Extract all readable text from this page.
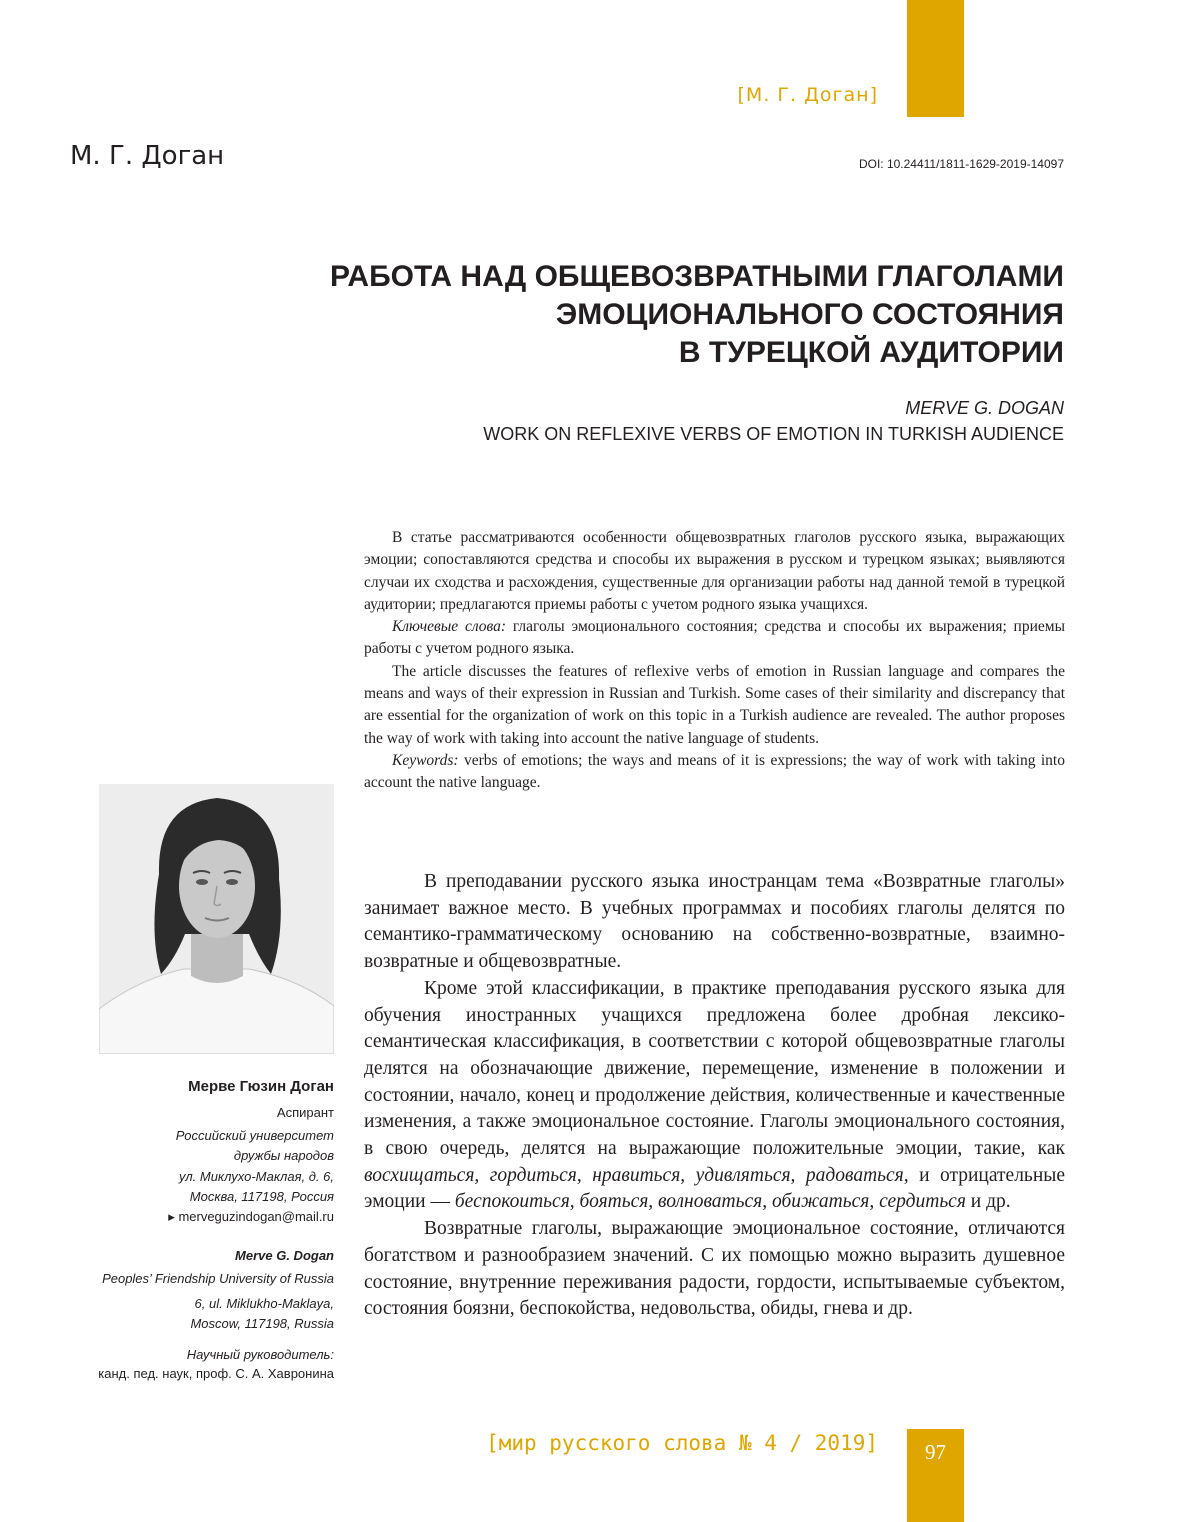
97
[М. Г. Доган]
М. Г. Доган	DOI: 10.24411/1811-1629-2019-14097
РАБОТА НАД ОБЩЕВОЗВРАТНЫМИ ГЛАГОЛАМИ
ЭМОЦИОНАЛЬНОГО СОСТОЯНИЯ
В ТУРЕЦКОЙ АУДИТОРИИ
MERVE G. DOGAN
WORK ON REFLEXIVE VERBS OF EMOTION IN TURKISH AUDIENCE

В статье рассматриваются особенности общевозвратных глаголов русского языка, выражающих эмоции; сопоставляются средства и способы их выражения в русском и турецком языках; выявляются случаи их сходства и расхождения, существенные для организации работы над данной темой в турецкой аудитории; предлагаются приемы работы с учетом родного языка учащихся.

Ключевые слова: глаголы эмоционального состояния; средства и способы их выражения; приемы работы с учетом родного языка.

The article discusses the features of reflexive verbs of emotion in Russian language and compares the means and ways of their expression in Russian and Turkish. Some cases of their similarity and discrepancy that are essential for the organization of work on this topic in a Turkish audience are revealed. The author proposes the way of work with taking into account the native language of students.

Keywords: verbs of emotions; the ways and means of it is expressions; the way of work with taking into account the native language.

Мерве Гюзин Доган
Аспирант
Российский университет
дружбы народов
ул. Миклухо-Маклая, д. 6,
Москва, 117198, Россия
▸ merveguzindogan@mail.ru
Merve G. Dogan
Peoples’ Friendship University of Russia
6, ul. Miklukho-Maklaya,
Moscow, 117198, Russia
Научный руководитель:
канд. пед. наук, проф. С. А. Хавронина

В преподавании русского языка иностранцам тема «Возвратные глаголы» занимает важное место. В учебных программах и пособиях глаголы делятся по семантико-грамматическому основанию на собственно-возвратные, взаимно-возвратные и общевозвратные.

Кроме этой классификации, в практике преподавания русского языка для обучения иностранных учащихся предложена более дробная лексико-семантическая классификация, в соответствии с которой общевозвратные глаголы делятся на обозначающие движение, перемещение, изменение в положении и состоянии, начало, конец и продолжение действия, количественные и качественные изменения, а также эмоциональное состояние. Глаголы эмоционального состояния, в свою очередь, делятся на выражающие положительные эмоции, такие, как восхищаться, гордиться, нравиться, удивляться, радоваться, и отрицательные эмоции — беспокоиться, бояться, волноваться, обижаться, сердиться и др.

Возвратные глаголы, выражающие эмоциональное состояние, отличаются богатством и разнообразием значений. С их помощью можно выразить душевное состояние, внутренние переживания радости, гордости, испытываемые субъектом, состояния боязни, беспокойства, недовольства, обиды, гнева и др.

[мир русского слова № 4 / 2019]
